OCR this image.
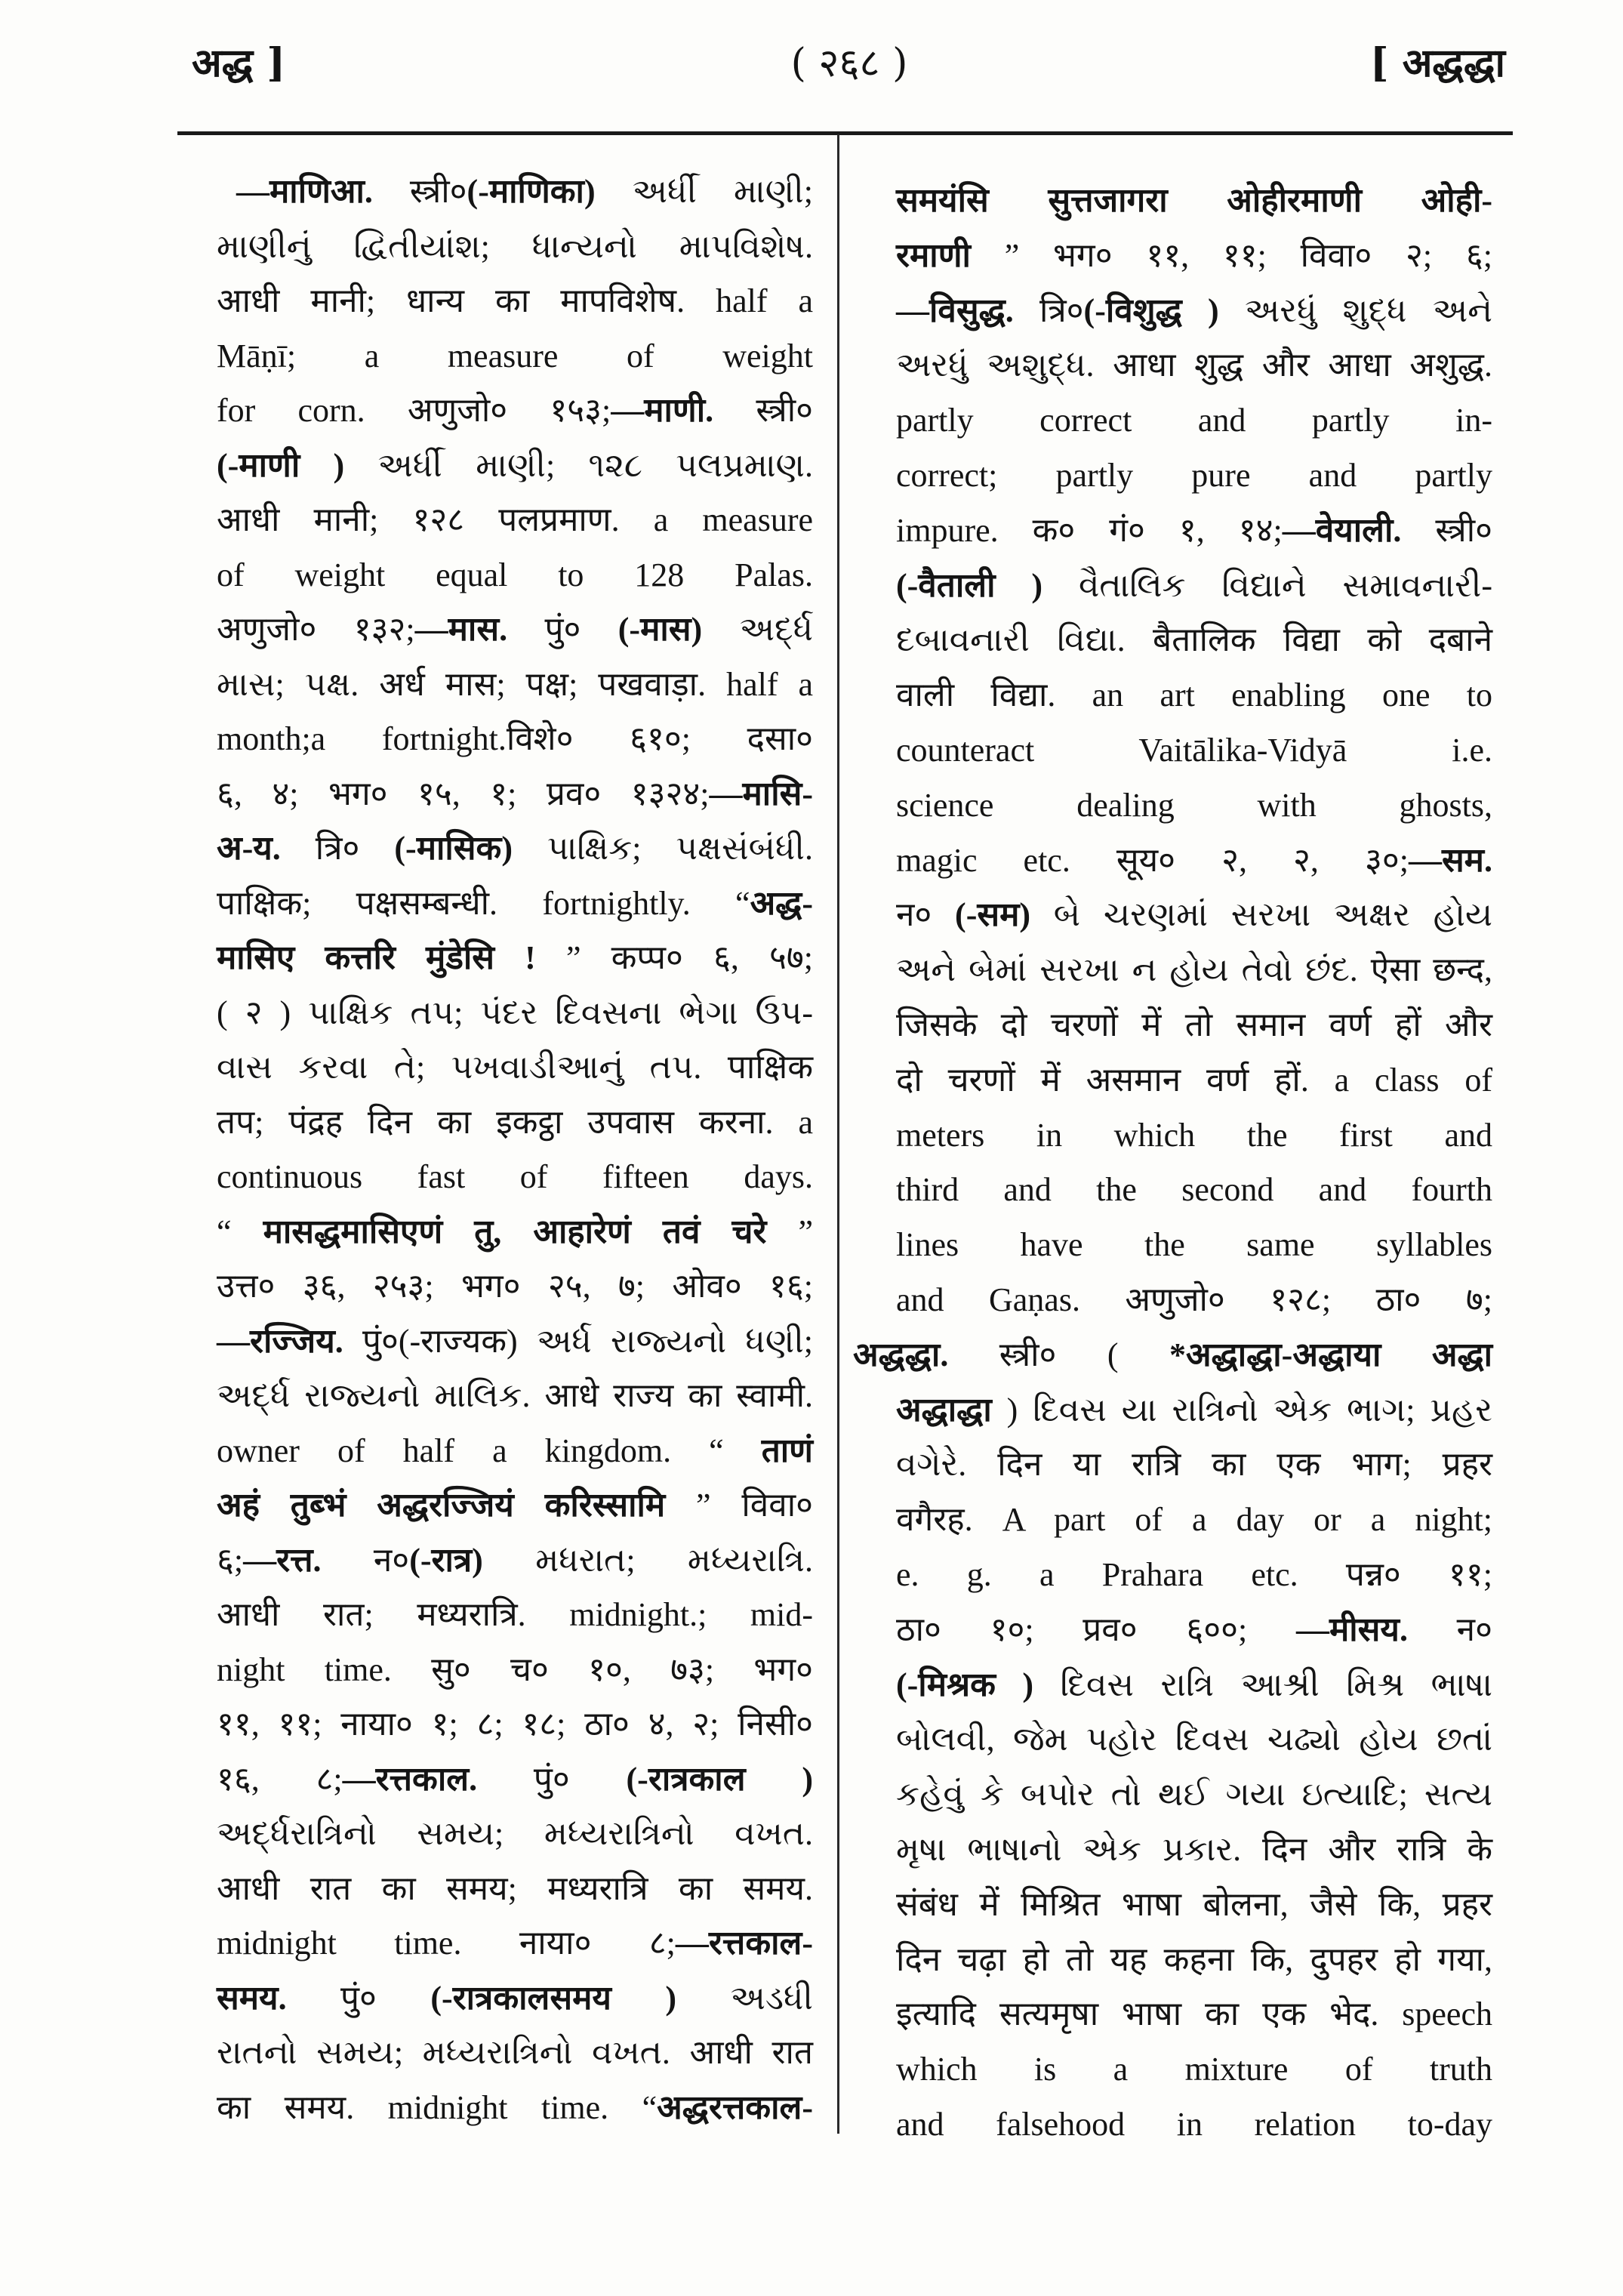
अद्ध ]	( २६८ )	[ अद्धद्धा
—माणिआ. स्त्री०(-माणिका) અર્ધી માણી;
માણીનું દ્વિતીયાંશ; ધાન્યનો માપવિશેષ.
आधी मानी; धान्य का मापविशेष. half a
Māṇī; a measure of weight
for corn. अणुजो० १५३;—माणी. स्त्री०
(-माणी ) અર્ધી માણી; ૧૨૮ પલપ્રમાણ.
आधी मानी; १२८ पलप्रमाण. a measure
of weight equal to 128 Palas.
अणुजो० १३२;—मास. पुं० (-मास) અર્દ્ધ
માસ; પક્ષ. अर्ध मास; पक्ष; पखवाड़ा. half a
month;a fortnight.विशे० ६१०; दसा०
६, ४; भग० १५, १; प्रव० १३२४;—मासि-
अ-य. त्रि० (-मासिक) પાક્ષિક; પક્ષસંબંધી.
पाक्षिक; पक्षसम्बन्धी. fortnightly. “अद्ध-
मासिए कत्तरि मुंडेसि ! ” कप्प० ६, ५७;
( २ ) પાક્ષિક તપ; પંદર દિવસના ભેગા ઉપ-
વાસ કરવા તે; પખવાડીઆનું તપ. पाक्षिक
तप; पंद्रह दिन का इकट्ठा उपवास करना. a
continuous fast of fifteen days.
“ मासद्धमासिएणं तु, आहारेणं तवं चरे ”
उत्त० ३६, २५३; भग० २५, ७; ओव० १६;
—रज्जिय. पुं०(-राज्यक) અર્ધ રાજ્યનો ધણી;
અર્દ્ધ રાજ્યનો માલિક. आधे राज्य का स्वामी.
owner of half a kingdom. “ ताणं
अहं तुब्भं अद्धरज्जियं करिस्सामि ” विवा०
६;—रत्त. न०(-रात्र) મધરાત; મધ્યરાત્રિ.
आधी रात; मध्यरात्रि. midnight.; mid-
night time. सु० च० १०, ७३; भग०
११, ११; नाया० १; ८; १८; ठा० ४, २; निसी०
१६, ८;—रत्तकाल. पुं० (-रात्रकाल )
અર્દ્ધરાત્રિનો સમય; મધ્યરાત્રિનો વખત.
आधी रात का समय; मध्यरात्रि का समय.
midnight time. नाया० ८;—रत्तकाल-
समय. पुं० (-रात्रकालसमय ) અડધી
રાતનો સમય; મધ્યરાત્રિનો વખત. आधी रात
का समय. midnight time. “अद्धरत्तकाल-
समयंसि सुत्तजागरा ओहीरमाणी ओही-
रमाणी ” भग० ११, ११; विवा० २; ६;
—विसुद्ध. त्रि०(-विशुद्ध ) અરધું શુદ્ધ અને
અરધું અશુદ્ધ. आधा शुद्ध और आधा अशुद्ध.
partly correct and partly in-
correct; partly pure and partly
impure. क० गं० १, १४;—वेयाली. स्त्री०
(-वैताली ) વૈતાલિક વિદ્યાને સમાવનારી-
દબાવનારી વિદ્યા. बैतालिक विद्या को दबाने
वाली विद्या. an art enabling one to
counteract Vaitālika-Vidyā i.e.
science dealing with ghosts,
magic etc. सूय० २, २, ३०;—सम.
न० (-सम) બે ચરણમાં સરખા અક્ષર હોય
અને બેમાં સરખા ન હોય તેવો છંદ. ऐसा छन्द,
जिसके दो चरणों में तो समान वर्ण हों और
दो चरणों में असमान वर्ण हों. a class of
meters in which the first and
third and the second and fourth
lines have the same syllables
and Gaṇas. अणुजो० १२८; ठा० ७;
अद्धद्धा. स्त्री० ( *अद्धाद्धा-अद्धाया अद्धा
अद्धाद्धा ) દિવસ યા રાત્રિનો એક ભાગ; પ્રહર
વગેરે. दिन या रात्रि का एक भाग; प्रहर
वगैरह. A part of a day or a night;
e. g. a Prahara etc. पन्न० ११;
ठा० १०; प्रव० ६००; —मीसय. न०
(-मिश्रक ) દિવસ રાત્રિ આશ્રી મિશ્ર ભાષા
બોલવી, જેમ પહોર દિવસ ચઢ્યો હોય છતાં
કહેવું કે બપોર તો થઈ ગયા ઇત્યાદિ; સત્ય
મૃષા ભાષાનો એક પ્રકાર. दिन और रात्रि के
संबंध में मिश्रित भाषा बोलना, जैसे कि, प्रहर
दिन चढ़ा हो तो यह कहना कि, दुपहर हो गया,
इत्यादि सत्यमृषा भाषा का एक भेद. speech
which is a mixture of truth
and falsehood in relation to-day
